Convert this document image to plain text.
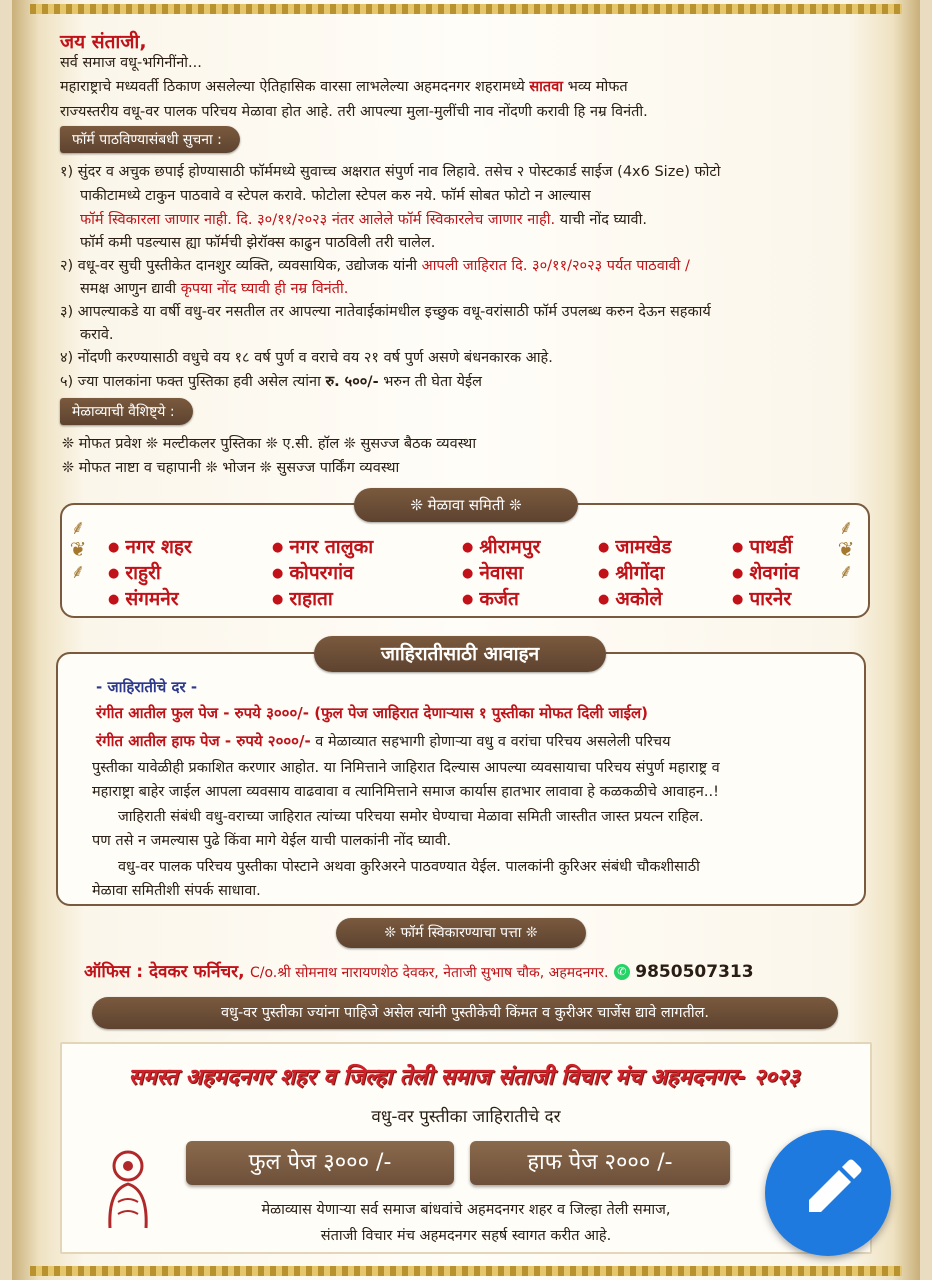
जय संताजी,

सर्व समाज वधू-भगिनींनो...

महाराष्ट्राचे मध्यवर्ती ठिकाण असलेल्या ऐतिहासिक वारसा लाभलेल्या अहमदनगर शहरामध्ये सातवा भव्य मोफत

राज्यस्तरीय वधू-वर पालक परिचय मेळावा होत आहे. तरी आपल्या मुला-मुलींची नाव नोंदणी करावी हि नम्र विनंती.

फॉर्म पाठविण्यासंबधी सुचना :

१) सुंदर व अचुक छपाई होण्यासाठी फॉर्ममध्ये सुवाच्च अक्षरात संपुर्ण नाव लिहावे. तसेच २ पोस्टकार्ड साईज (4x6 Size) फोटो

पाकीटामध्ये टाकुन पाठवावे व स्टेपल करावे. फोटोला स्टेपल करु नये. फॉर्म सोबत फोटो न आल्यास

फॉर्म स्विकारला जाणार नाही. दि. ३०/११/२०२३ नंतर आलेले फॉर्म स्विकारलेच जाणार नाही. याची नोंद घ्यावी.

फॉर्म कमी पडल्यास ह्या फॉर्मची झेरॉक्स काढुन पाठविली तरी चालेल.

२) वधू-वर सुची पुस्तीकेत दानशुर व्यक्ति, व्यवसायिक, उद्योजक यांनी आपली जाहिरात दि. ३०/११/२०२३ पर्यत पाठवावी /

समक्ष आणुन द्यावी कृपया नोंद घ्यावी ही नम्र विनंती.

३) आपल्याकडे या वर्षी वधु-वर नसतील तर आपल्या नातेवाईकांमधील इच्छुक वधू-वरांसाठी फॉर्म उपलब्ध करुन देऊन सहकार्य

करावे.

४) नोंदणी करण्यासाठी वधुचे वय १८ वर्ष पुर्ण व वराचे वय २१ वर्ष पुर्ण असणे बंधनकारक आहे.

५) ज्या पालकांना फक्त पुस्तिका हवी असेल त्यांना रु. ५००/- भरुन ती घेता येईल

मेळाव्याची वैशिष्ट्ये :

❊ मोफत प्रवेश ❊ मल्टीकलर पुस्तिका ❊ ए.सी. हॉल ❊ सुसज्ज बैठक व्यवस्था

❊ मोफत नाष्टा व चहापानी ❊ भोजन ❊ सुसज्ज पार्किंग व्यवस्था

⸙
❦
⸙
⸙
❦
⸙
❊ मेळावा समिती ❊
● नगर शहर	● नगर तालुका	● श्रीरामपुर	● जामखेड	● पाथर्डी
● राहुरी	● कोपरगांव	● नेवासा	● श्रीगोंदा	● शेवगांव
● संगमनेर	● राहाता	● कर्जत	● अकोले	● पारनेर
जाहिरातीसाठी आवाहन

- जाहिरातीचे दर -

रंगीत आतील फुल पेज - रुपये ३०००/- (फुल पेज जाहिरात देणाऱ्यास १ पुस्तीका मोफत दिली जाईल)

रंगीत आतील हाफ पेज - रुपये २०००/- व मेळाव्यात सहभागी होणाऱ्या वधु व वरांचा परिचय असलेली परिचय

पुस्तीका यावेळीही प्रकाशित करणार आहोत. या निमित्ताने जाहिरात दिल्यास आपल्या व्यवसायाचा परिचय संपुर्ण महाराष्ट्र व

महाराष्ट्रा बाहेर जाईल आपला व्यवसाय वाढवावा व त्यानिमित्ताने समाज कार्यास हातभार लावावा हे कळकळीचे आवाहन..!

जाहिराती संबंधी वधु-वराच्या जाहिरात त्यांच्या परिचया समोर घेण्याचा मेळावा समिती जास्तीत जास्त प्रयत्न राहिल.

पण तसे न जमल्यास पुढे किंवा मागे येईल याची पालकांनी नोंद घ्यावी.

वधु-वर पालक परिचय पुस्तीका पोस्टाने अथवा कुरिअरने पाठवण्यात येईल. पालकांनी कुरिअर संबंधी चौकशीसाठी

मेळावा समितीशी संपर्क साधावा.

❊ फॉर्म स्विकारण्याचा पत्ता ❊

ऑफिस : देवकर फर्निचर, C/o.श्री सोमनाथ नारायणशेठ देवकर, नेताजी सुभाष चौक, अहमदनगर. ✆ 9850507313

वधु-वर पुस्तीका ज्यांना पाहिजे असेल त्यांनी पुस्तीकेची किंमत व कुरीअर चार्जेस द्यावे लागतील.

समस्त अहमदनगर शहर व जिल्हा तेली समाज संताजी विचार मंच अहमदनगर- २०२३

वधु-वर पुस्तीका जाहिरातीचे दर

फुल पेज ३००० /-	हाफ पेज २००० /-

मेळाव्यास येणाऱ्या सर्व समाज बांधवांचे अहमदनगर शहर व जिल्हा तेली समाज,

संताजी विचार मंच अहमदनगर सहर्ष स्वागत करीत आहे.
